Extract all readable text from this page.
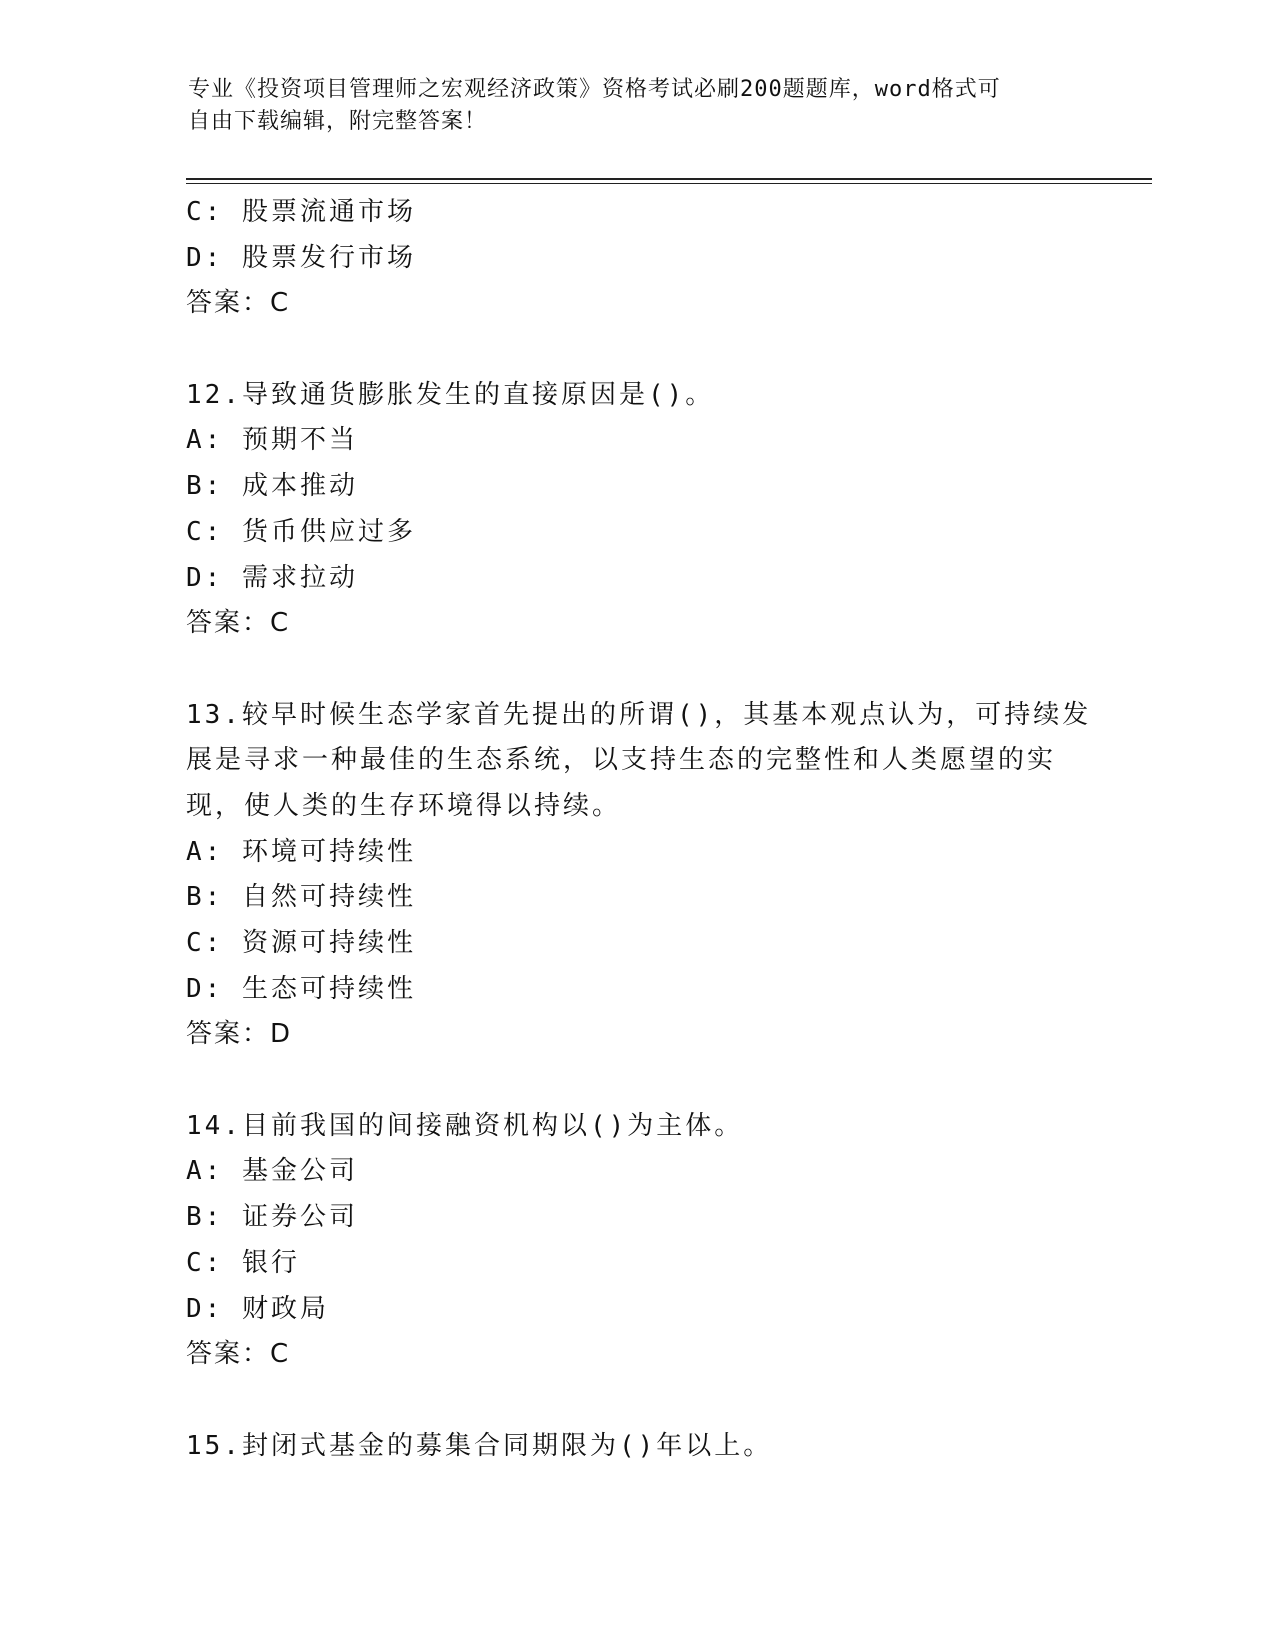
专业《投资项目管理师之宏观经济政策》资格考试必刷200题题库，word格式可
自由下载编辑，附完整答案！
C: 股票流通市场
D: 股票发行市场
答案：C
12.导致通货膨胀发生的直接原因是()。
A: 预期不当
B: 成本推动
C: 货币供应过多
D: 需求拉动
答案：C
13.较早时候生态学家首先提出的所谓()，其基本观点认为，可持续发
展是寻求一种最佳的生态系统，以支持生态的完整性和人类愿望的实
现，使人类的生存环境得以持续。
A: 环境可持续性
B: 自然可持续性
C: 资源可持续性
D: 生态可持续性
答案：D
14.目前我国的间接融资机构以()为主体。
A: 基金公司
B: 证券公司
C: 银行
D: 财政局
答案：C
15.封闭式基金的募集合同期限为()年以上。
